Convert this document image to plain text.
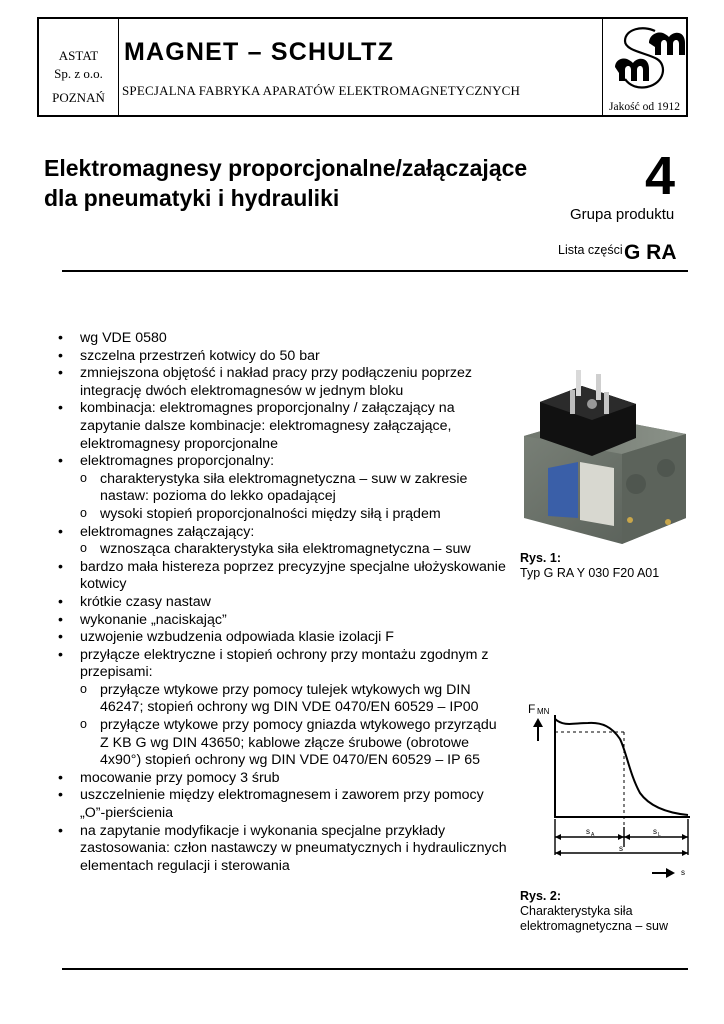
ASTAT
Sp. z o.o.
POZNAŃ
MAGNET – SCHULTZ
SPECJALNA FABRYKA APARATÓW ELEKTROMAGNETYCZNYCH
Jakość od 1912
Elektromagnesy proporcjonalne/załączające
dla pneumatyki i hydrauliki	4
Grupa produktu
Lista części G RA
• wg VDE 0580
• szczelna przestrzeń kotwicy do 50 bar
• zmniejszona objętość i nakład pracy przy podłączeniu poprzez integrację dwóch elektromagnesów w jednym bloku
• kombinacja: elektromagnes proporcjonalny / załączający na zapytanie dalsze kombinacje: elektromagnesy załączające, elektromagnesy proporcjonalne
• elektromagnes proporcjonalny:
o charakterystyka siła elektromagnetyczna – suw w zakresie nastaw: pozioma do lekko opadającej
o wysoki stopień proporcjonalności między siłą i prądem
• elektromagnes załączający:
o wznosząca charakterystyka siła elektromagnetyczna – suw
• bardzo mała histereza poprzez precyzyjne specjalne ułożyskowanie kotwicy
• krótkie czasy nastaw
• wykonanie „naciskając”
• uzwojenie wzbudzenia odpowiada klasie izolacji F
• przyłącze elektryczne i stopień ochrony przy montażu zgodnym z przepisami:
o przyłącze wtykowe przy pomocy tulejek wtykowych wg DIN 46247; stopień ochrony wg DIN VDE 0470/EN 60529 – IP00
o przyłącze wtykowe przy pomocy gniazda wtykowego przyrządu Z KB G wg DIN 43650; kablowe złącze śrubowe (obrotowe 4x90°) stopień ochrony wg DIN VDE 0470/EN 60529 – IP 65
• mocowanie przy pomocy 3 śrub
• uszczelnienie między elektromagnesem i zaworem przy pomocy „O”-pierścienia
• na zapytanie modyfikacje i wykonania specjalne przykłady zastosowania: człon nastawczy w pneumatycznych i hydraulicznych elementach regulacji i sterowania
Rys. 1:
Typ G RA Y 030 F20 A01
F MN
s A	s L
s
s
Rys. 2:
Charakterystyka siła
elektromagnetyczna – suw
